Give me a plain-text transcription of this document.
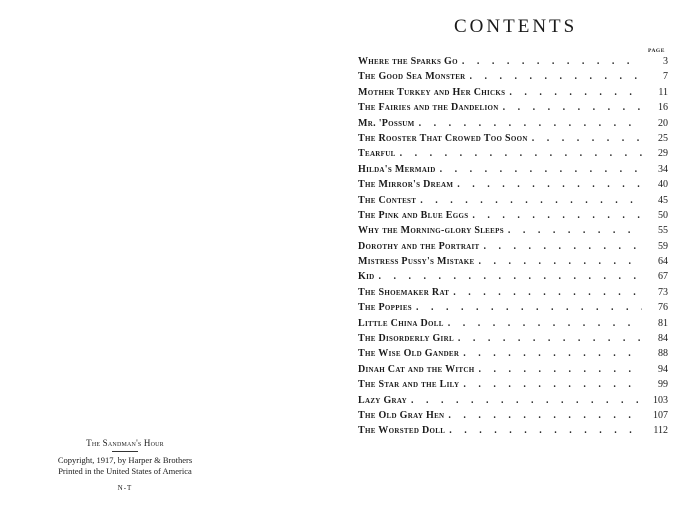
The Sandman's Hour
Copyright, 1917, by Harper & Brothers
Printed in the United States of America
N-T
CONTENTS
PAGE
Where the Sparks Go . . .	3
The Good Sea Monster . . .	7
Mother Turkey and Her Chicks . . .	11
The Fairies and the Dandelion . . .	16
Mr. 'Possum . . .	20
The Rooster That Crowed Too Soon . . .	25
Tearful . . .	29
Hilda's Mermaid . . .	34
The Mirror's Dream . . .	40
The Contest . . .	45
The Pink and Blue Eggs . . .	50
Why the Morning-glory Sleeps . . .	55
Dorothy and the Portrait . . .	59
Mistress Pussy's Mistake . . .	64
Kid . . .	67
The Shoemaker Rat . . .	73
The Poppies . . .	76
Little China Doll . . .	81
The Disorderly Girl . . .	84
The Wise Old Gander . . .	88
Dinah Cat and the Witch . . .	94
The Star and the Lily . . .	99
Lazy Gray . . .	103
The Old Gray Hen . . .	107
The Worsted Doll . . .	112
